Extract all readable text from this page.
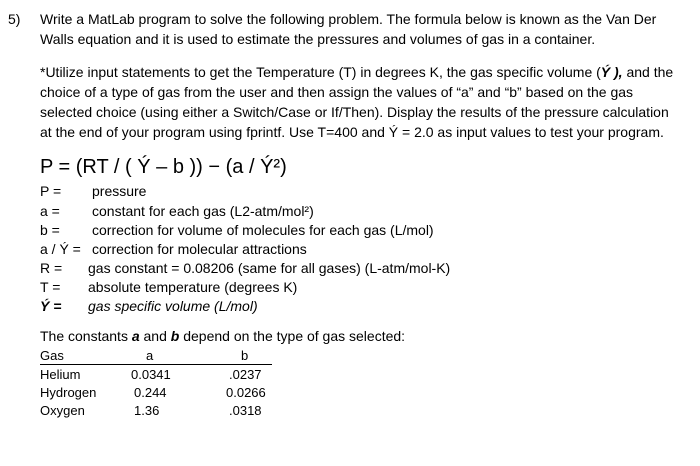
5) Write a MatLab program to solve the following problem. The formula below is known as the Van Der
Walls equation and it is used to estimate the pressures and volumes of gas in a container.
*Utilize input statements to get the Temperature (T) in degrees K, the gas specific volume (Ý ), and the
choice of a type of gas from the user and then assign the values of “a” and “b” based on the gas
selected choice (using either a Switch/Case or If/Then). Display the results of the pressure calculation
at the end of your program using fprintf. Use T=400 and Ý = 2.0 as input values to test your program.
P = (RT / ( Ý – b )) − (a / Ý²)
P = pressure
a = constant for each gas (L2-atm/mol²)
b = correction for volume of molecules for each gas (L/mol)
a / Ý = correction for molecular attractions
R = gas constant = 0.08206 (same for all gases) (L-atm/mol-K)
T = absolute temperature (degrees K)
Ý = gas specific volume (L/mol)
The constants a and b depend on the type of gas selected:
Gas	a	b
Helium	0.0341	.0237
Hydrogen	0.244	0.0266
Oxygen	1.36	.0318
